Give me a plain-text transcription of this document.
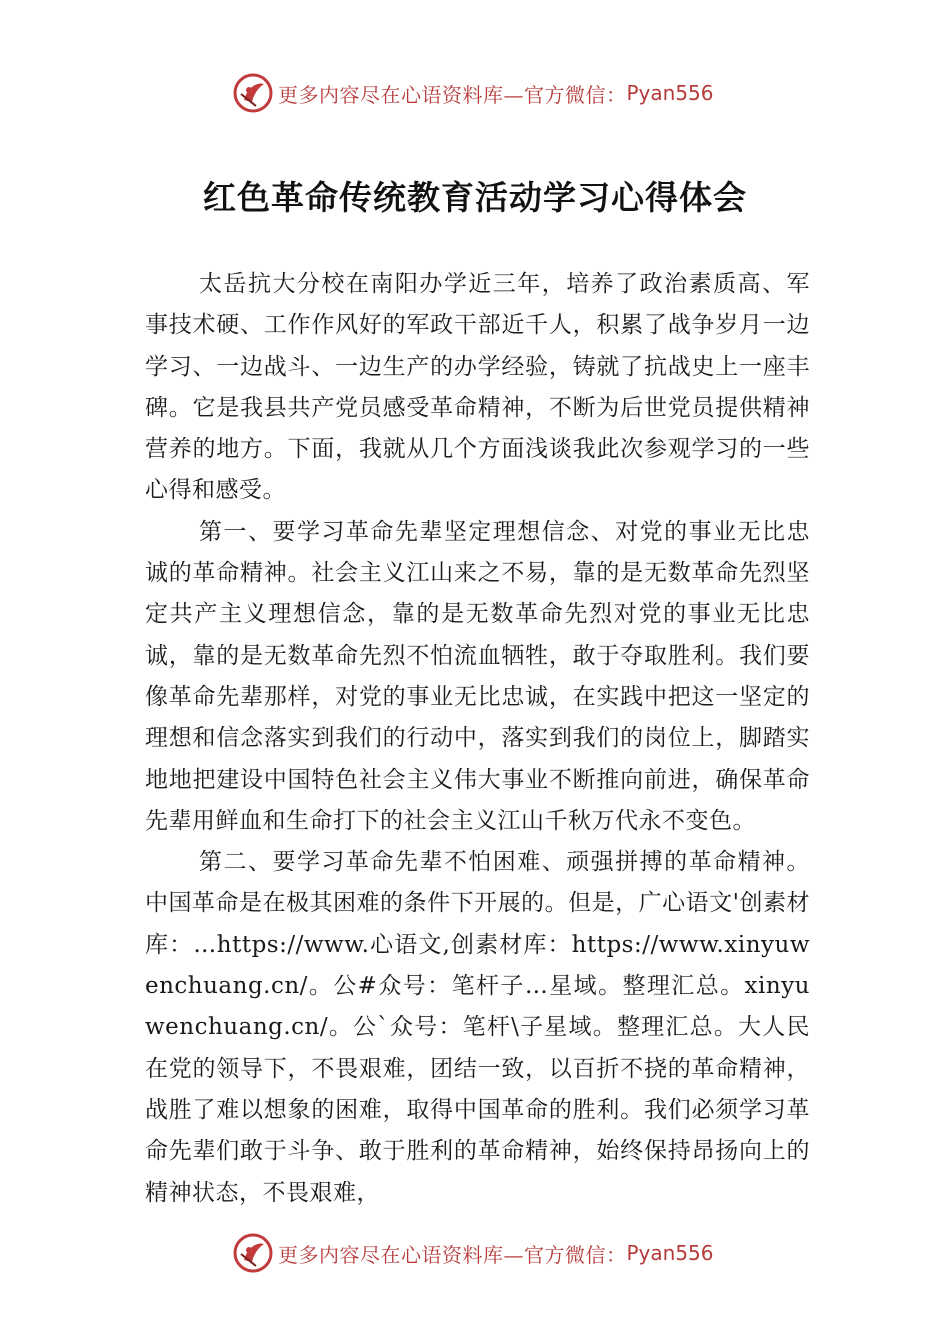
更多内容尽在心语资料库—官方微信： Pyan556
红色革命传统教育活动学习心得体会

太岳抗大分校在南阳办学近三年，培养了政治素质高、军事技术硬、工作作风好的军政干部近千人，积累了战争岁月一边学习、一边战斗、一边生产的办学经验，铸就了抗战史上一座丰碑。它是我县共产党员感受革命精神，不断为后世党员提供精神营养的地方。下面，我就从几个方面浅谈我此次参观学习的一些心得和感受。

第一、要学习革命先辈坚定理想信念、对党的事业无比忠诚的革命精神。社会主义江山来之不易，靠的是无数革命先烈坚定共产主义理想信念，靠的是无数革命先烈对党的事业无比忠诚，靠的是无数革命先烈不怕流血牺牲，敢于夺取胜利。我们要像革命先辈那样，对党的事业无比忠诚，在实践中把这一坚定的理想和信念落实到我们的行动中，落实到我们的岗位上，脚踏实地地把建设中国特色社会主义伟大事业不断推向前进，确保革命先辈用鲜血和生命打下的社会主义江山千秋万代永不变色。

第二、要学习革命先辈不怕困难、顽强拼搏的革命精神。中国革命是在极其困难的条件下开展的。但是，广心语文'创素材库：…https://www.心语文,创素材库：https://www.xinyuwenchuang.cn/。公#众号：笔杆子…星域。整理汇总。xinyuwenchuang.cn/。公`众号：笔杆\子星域。整理汇总。大人民在党的领导下，不畏艰难，团结一致，以百折不挠的革命精神， 战胜了难以想象的困难，取得中国革命的胜利。我们必须学习革命先辈们敢于斗争、敢于胜利的革命精神，始终保持昂扬向上的精神状态，不畏艰难，

更多内容尽在心语资料库—官方微信： Pyan556
